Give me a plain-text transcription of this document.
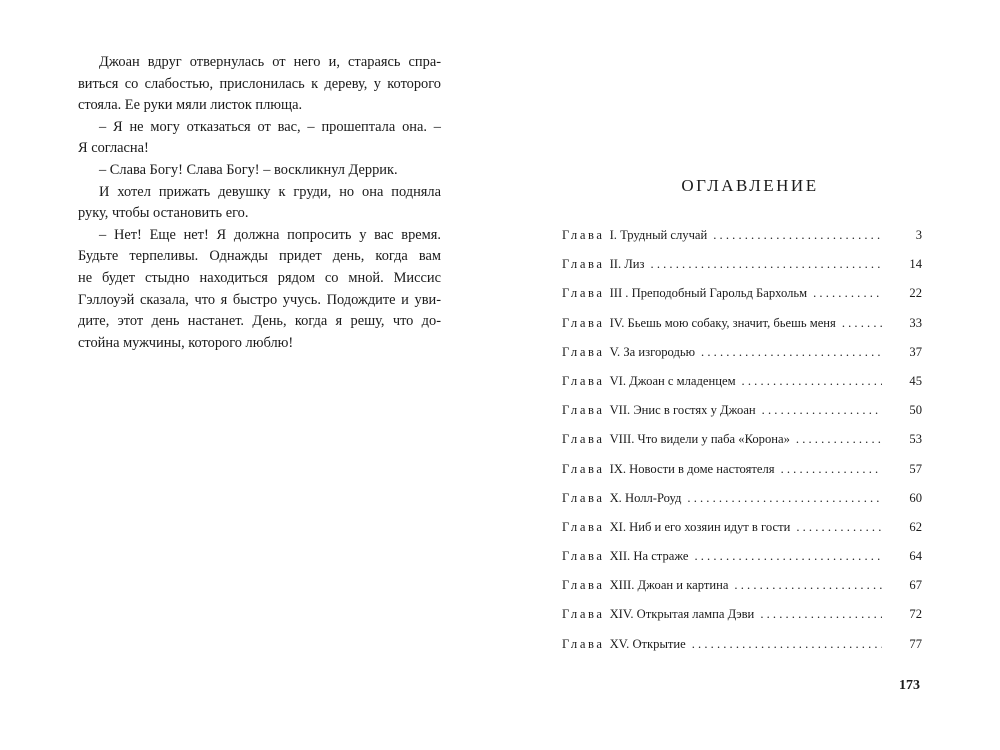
Джоан вдруг отвернулась от него и, стараясь спра-
виться со слабостью, прислонилась к дереву, у которого
стояла. Ее руки мяли листок плюща.
– Я не могу отказаться от вас, – прошептала она. –
Я согласна!
– Слава Богу! Слава Богу! – воскликнул Деррик.
И хотел прижать девушку к груди, но она подняла
руку, чтобы остановить его.
– Нет! Еще нет! Я должна попросить у вас время.
Будьте терпеливы. Однажды придет день, когда вам
не будет стыдно находиться рядом со мной. Миссис
Гэллоуэй сказала, что я быстро учусь. Подождите и уви-
дите, этот день настанет. День, когда я решу, что до-
стойна мужчины, которого люблю!
ОГЛАВЛЕНИЕ
Глава I. Трудный случай . . .	3
Глава II. Лиз . . .	14
Глава III . Преподобный Гарольд Бархольм . . .	22
Глава IV. Бьешь мою собаку, значит, бьешь меня . . .	33
Глава V. За изгородью . . .	37
Глава VI. Джоан с младенцем . . .	45
Глава VII. Энис в гостях у Джоан . . .	50
Глава VIII. Что видели у паба «Корона» . . .	53
Глава IX. Новости в доме настоятеля . . .	57
Глава X. Нолл-Роуд . . .	60
Глава XI. Ниб и его хозяин идут в гости . . .	62
Глава XII. На страже . . .	64
Глава XIII. Джоан и картина . . .	67
Глава XIV. Открытая лампа Дэви . . .	72
Глава XV. Открытие . . .	77
173
